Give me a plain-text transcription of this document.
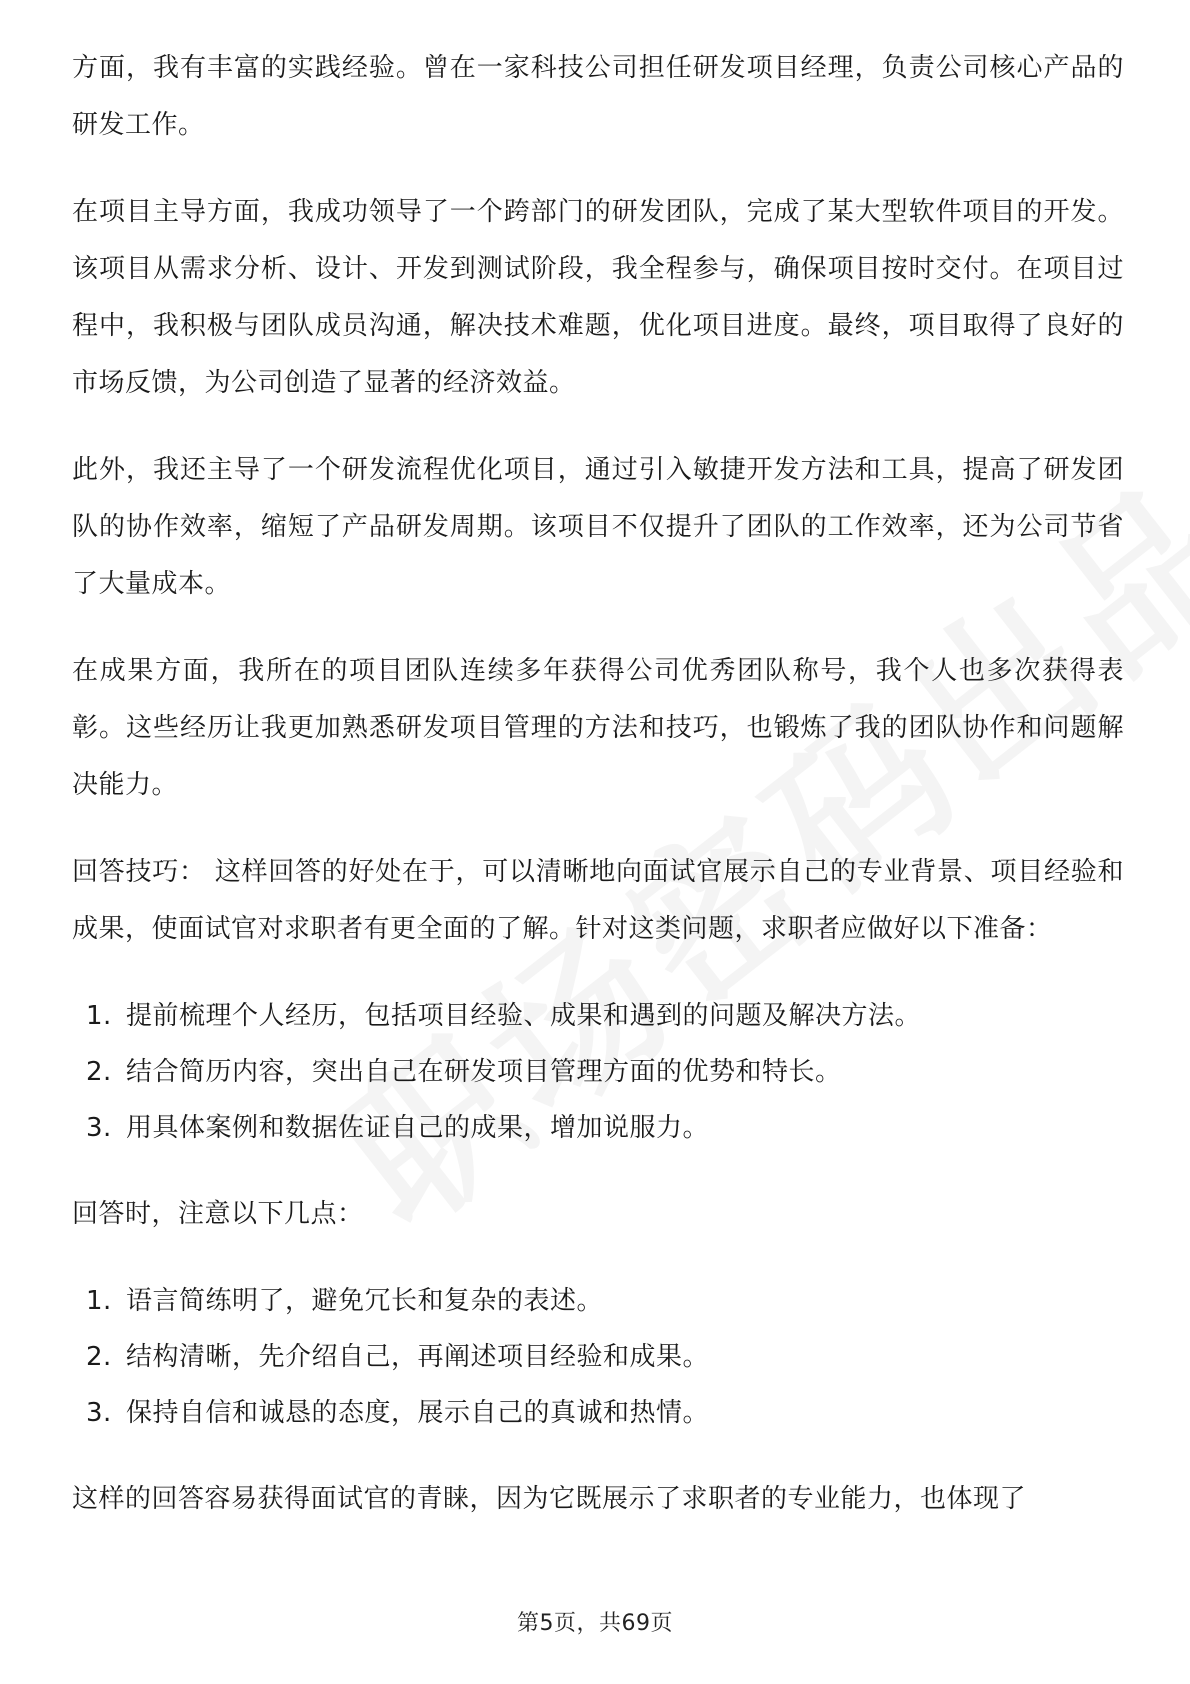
方面，我有丰富的实践经验。曾在一家科技公司担任研发项目经理，负责公司核心产品的研发工作。

在项目主导方面，我成功领导了一个跨部门的研发团队，完成了某大型软件项目的开发。该项目从需求分析、设计、开发到测试阶段，我全程参与，确保项目按时交付。在项目过程中，我积极与团队成员沟通，解决技术难题，优化项目进度。最终，项目取得了良好的市场反馈，为公司创造了显著的经济效益。

此外，我还主导了一个研发流程优化项目，通过引入敏捷开发方法和工具，提高了研发团队的协作效率，缩短了产品研发周期。该项目不仅提升了团队的工作效率，还为公司节省了大量成本。

在成果方面，我所在的项目团队连续多年获得公司优秀团队称号，我个人也多次获得表彰。这些经历让我更加熟悉研发项目管理的方法和技巧，也锻炼了我的团队协作和问题解决能力。

回答技巧： 这样回答的好处在于，可以清晰地向面试官展示自己的专业背景、项目经验和成果，使面试官对求职者有更全面的了解。针对这类问题，求职者应做好以下准备：

1. 提前梳理个人经历，包括项目经验、成果和遇到的问题及解决方法。
2. 结合简历内容，突出自己在研发项目管理方面的优势和特长。
3. 用具体案例和数据佐证自己的成果，增加说服力。

回答时，注意以下几点：

1. 语言简练明了，避免冗长和复杂的表述。
2. 结构清晰，先介绍自己，再阐述项目经验和成果。
3. 保持自信和诚恳的态度，展示自己的真诚和热情。

这样的回答容易获得面试官的青睐，因为它既展示了求职者的专业能力，也体现了

第5页，共69页
